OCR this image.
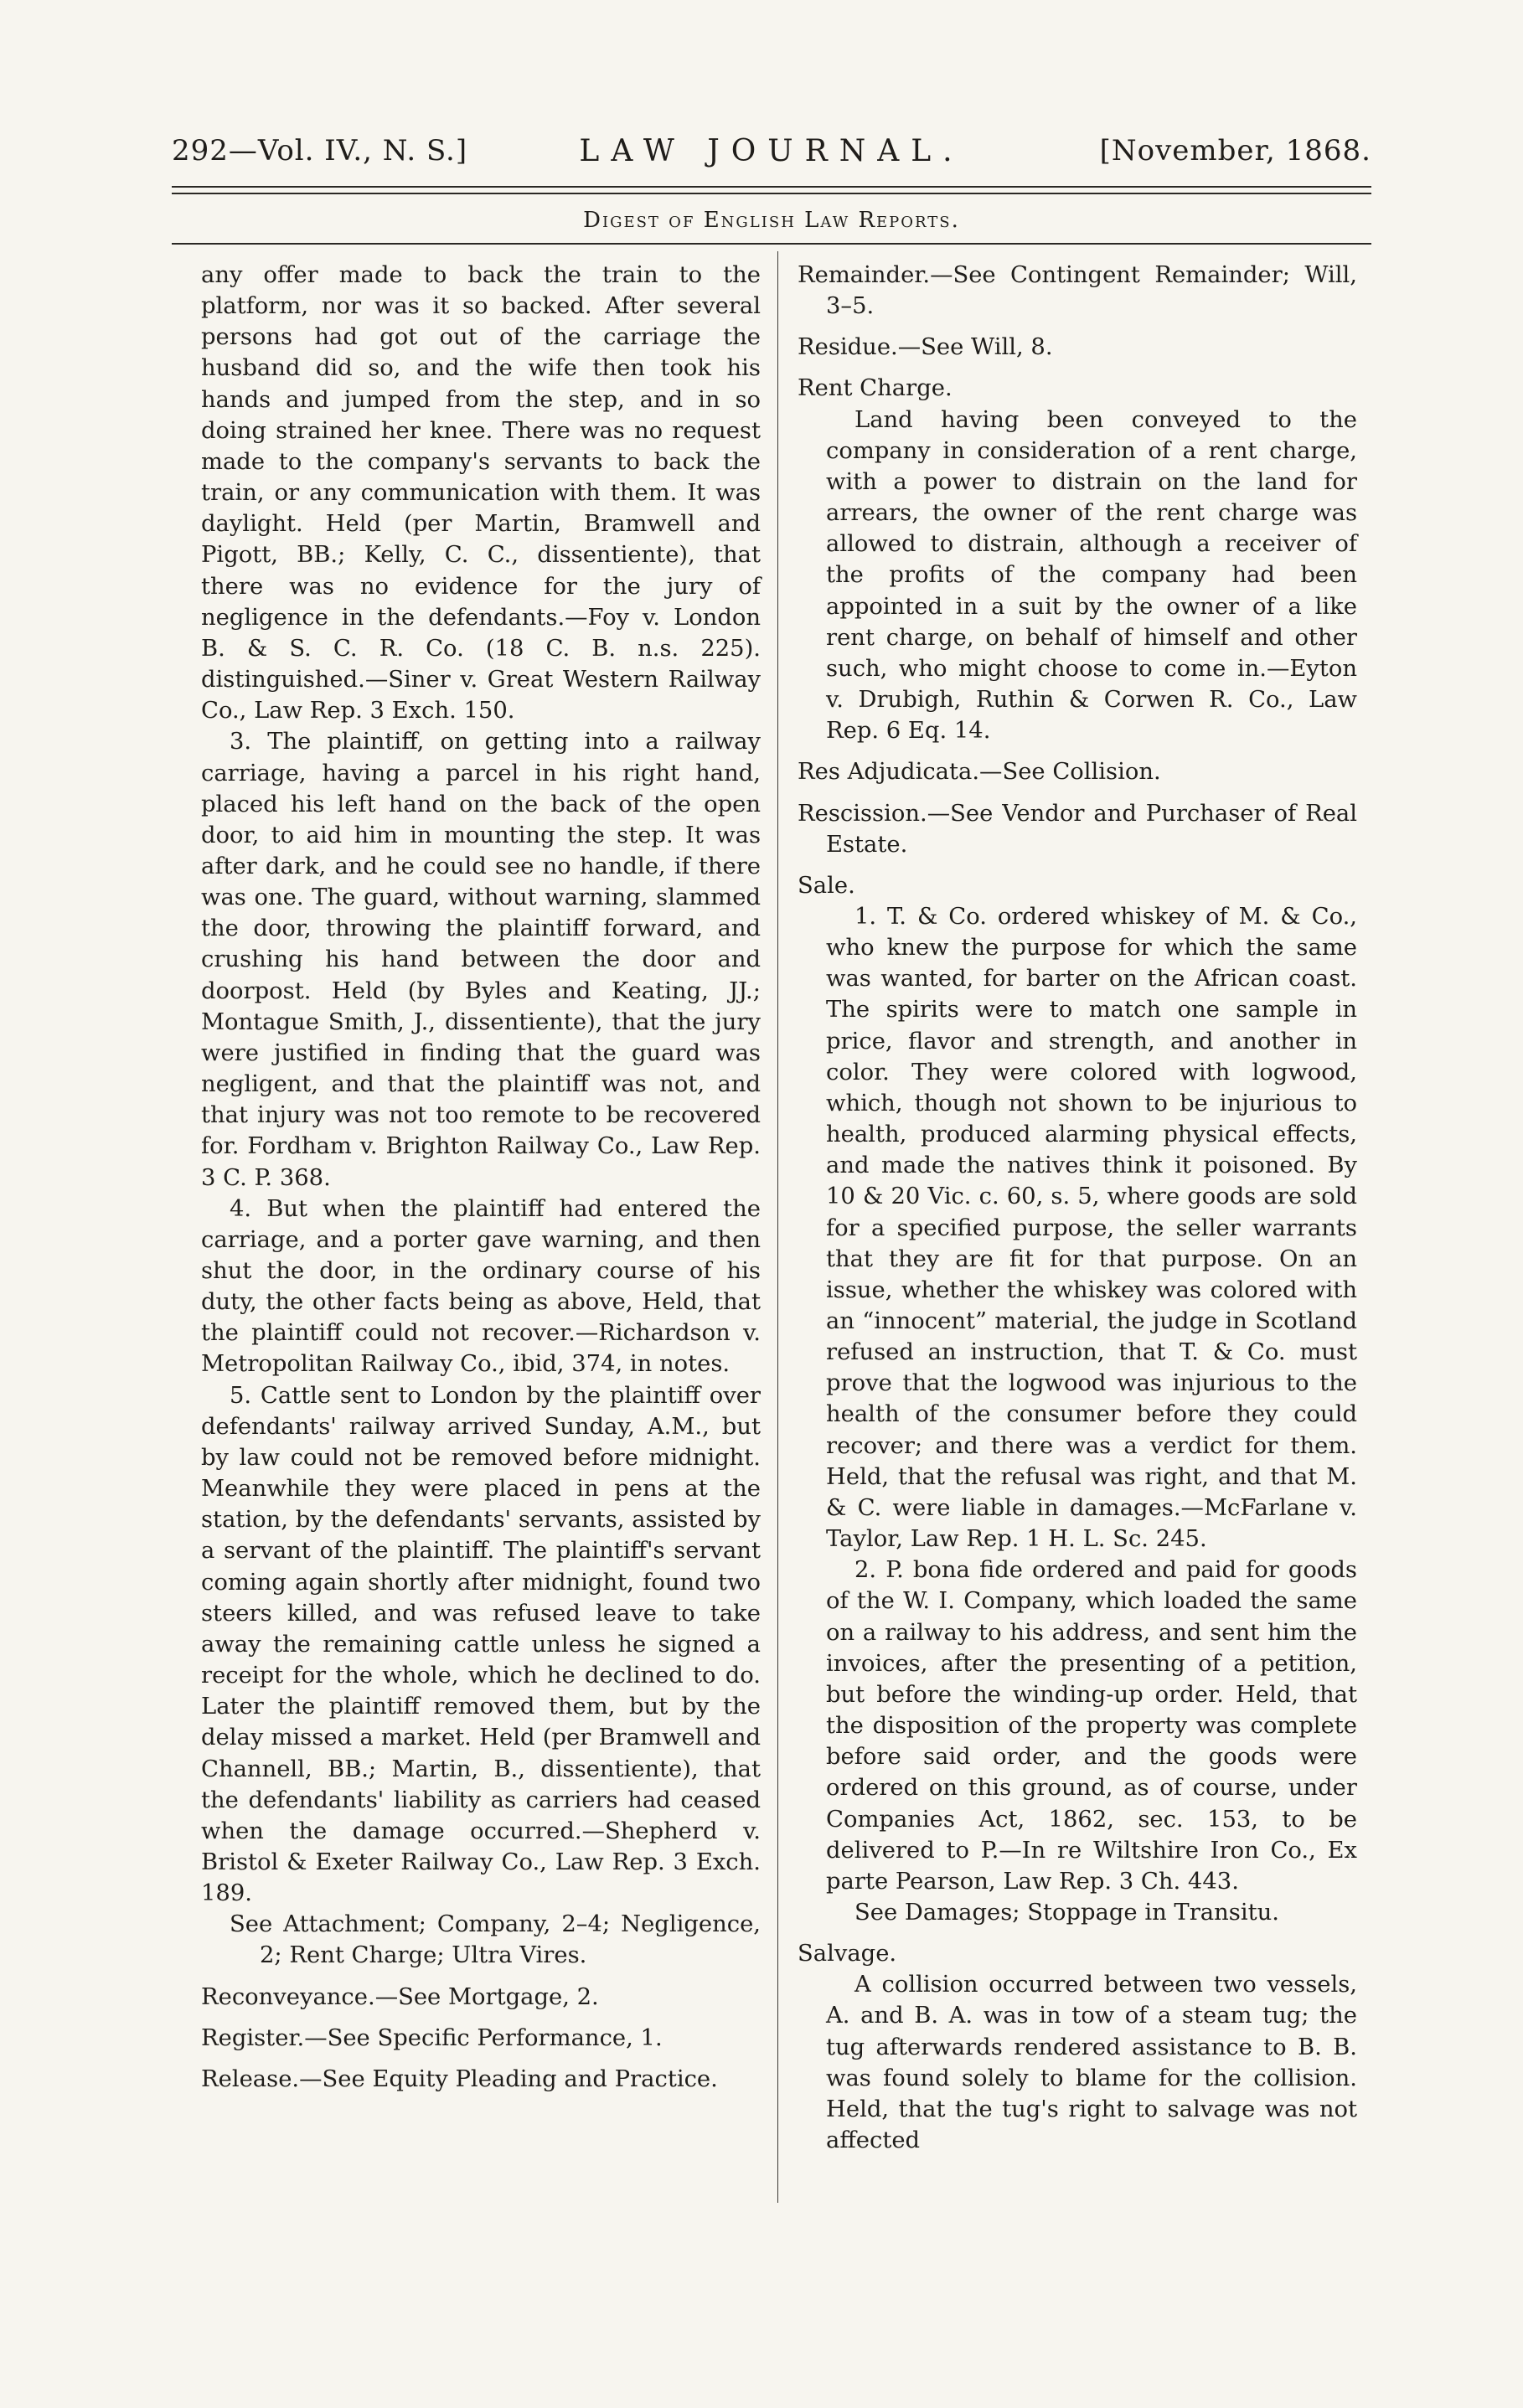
292—Vol. IV., N. S.]	LAW JOURNAL.	[November, 1868.
Digest of English Law Reports.

any offer made to back the train to the platform, nor was it so backed. After several persons had got out of the carriage the husband did so, and the wife then took his hands and jumped from the step, and in so doing strained her knee. There was no request made to the company's servants to back the train, or any communication with them. It was daylight. Held (per Martin, Bramwell and Pigott, BB.; Kelly, C. C., dissentiente), that there was no evidence for the jury of negligence in the defendants.—Foy v. London B. & S. C. R. Co. (18 C. B. n.s. 225). distinguished.—Siner v. Great Western Railway Co., Law Rep. 3 Exch. 150.

3. The plaintiff, on getting into a railway carriage, having a parcel in his right hand, placed his left hand on the back of the open door, to aid him in mounting the step. It was after dark, and he could see no handle, if there was one. The guard, without warning, slammed the door, throwing the plaintiff forward, and crushing his hand between the door and doorpost. Held (by Byles and Keating, JJ.; Montague Smith, J., dissentiente), that the jury were justified in finding that the guard was negligent, and that the plaintiff was not, and that injury was not too remote to be recovered for. Fordham v. Brighton Railway Co., Law Rep. 3 C. P. 368.

4. But when the plaintiff had entered the carriage, and a porter gave warning, and then shut the door, in the ordinary course of his duty, the other facts being as above, Held, that the plaintiff could not recover.—Richardson v. Metropolitan Railway Co., ibid, 374, in notes.

5. Cattle sent to London by the plaintiff over defendants' railway arrived Sunday, A.M., but by law could not be removed before midnight. Meanwhile they were placed in pens at the station, by the defendants' servants, assisted by a servant of the plaintiff. The plaintiff's servant coming again shortly after midnight, found two steers killed, and was refused leave to take away the remaining cattle unless he signed a receipt for the whole, which he declined to do. Later the plaintiff removed them, but by the delay missed a market. Held (per Bramwell and Channell, BB.; Martin, B., dissentiente), that the defendants' liability as carriers had ceased when the damage occurred.—Shepherd v. Bristol & Exeter Railway Co., Law Rep. 3 Exch. 189.

See Attachment; Company, 2–4; Negligence, 2; Rent Charge; Ultra Vires.

Reconveyance.—See Mortgage, 2.

Register.—See Specific Performance, 1.

Release.—See Equity Pleading and Practice.

Remainder.—See Contingent Remainder; Will, 3–5.

Residue.—See Will, 8.

Rent Charge.

Land having been conveyed to the company in consideration of a rent charge, with a power to distrain on the land for arrears, the owner of the rent charge was allowed to distrain, although a receiver of the profits of the company had been appointed in a suit by the owner of a like rent charge, on behalf of himself and other such, who might choose to come in.—Eyton v. Drubigh, Ruthin & Corwen R. Co., Law Rep. 6 Eq. 14.

Res Adjudicata.—See Collision.

Rescission.—See Vendor and Purchaser of Real Estate.

Sale.

1. T. & Co. ordered whiskey of M. & Co., who knew the purpose for which the same was wanted, for barter on the African coast. The spirits were to match one sample in price, flavor and strength, and another in color. They were colored with logwood, which, though not shown to be injurious to health, produced alarming physical effects, and made the natives think it poisoned. By 10 & 20 Vic. c. 60, s. 5, where goods are sold for a specified purpose, the seller warrants that they are fit for that purpose. On an issue, whether the whiskey was colored with an “innocent” material, the judge in Scotland refused an instruction, that T. & Co. must prove that the logwood was injurious to the health of the consumer before they could recover; and there was a verdict for them. Held, that the refusal was right, and that M. & C. were liable in damages.—McFarlane v. Taylor, Law Rep. 1 H. L. Sc. 245.

2. P. bona fide ordered and paid for goods of the W. I. Company, which loaded the same on a railway to his address, and sent him the invoices, after the presenting of a petition, but before the winding-up order. Held, that the disposition of the property was complete before said order, and the goods were ordered on this ground, as of course, under Companies Act, 1862, sec. 153, to be delivered to P.—In re Wiltshire Iron Co., Ex parte Pearson, Law Rep. 3 Ch. 443.

See Damages; Stoppage in Transitu.

Salvage.

A collision occurred between two vessels, A. and B. A. was in tow of a steam tug; the tug afterwards rendered assistance to B. B. was found solely to blame for the collision. Held, that the tug's right to salvage was not affected
